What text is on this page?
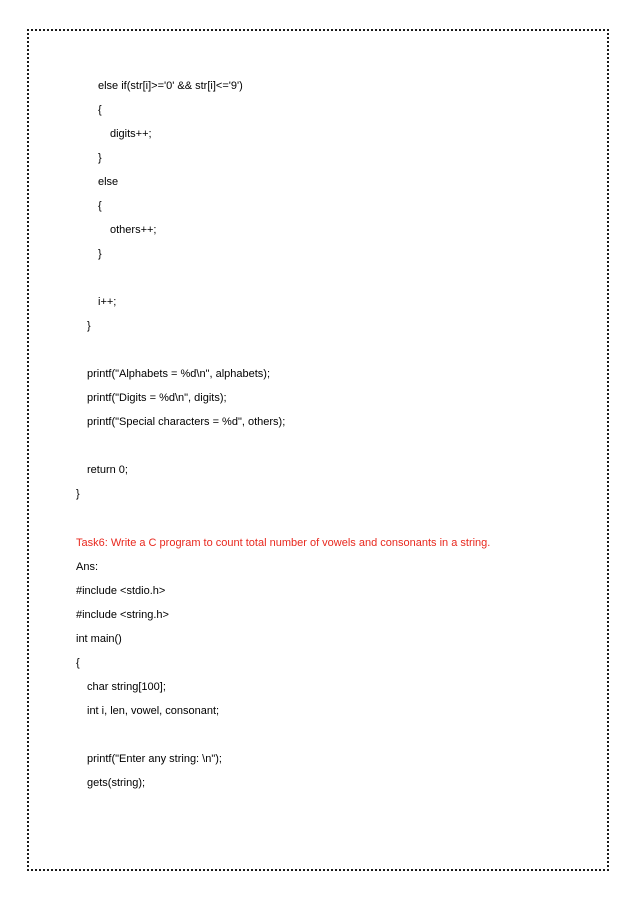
else if(str[i]>='0' && str[i]<='9')
{
digits++;
}
else
{
others++;
}
i++;
}
printf("Alphabets = %d\n", alphabets);
printf("Digits = %d\n", digits);
printf("Special characters = %d", others);
return 0;
}
Task6: Write a C program to count total number of vowels and consonants in a string.
Ans:
#include <stdio.h>
#include <string.h>
int main()
{
char string[100];
int i, len, vowel, consonant;
printf("Enter any string: \n");
gets(string);
